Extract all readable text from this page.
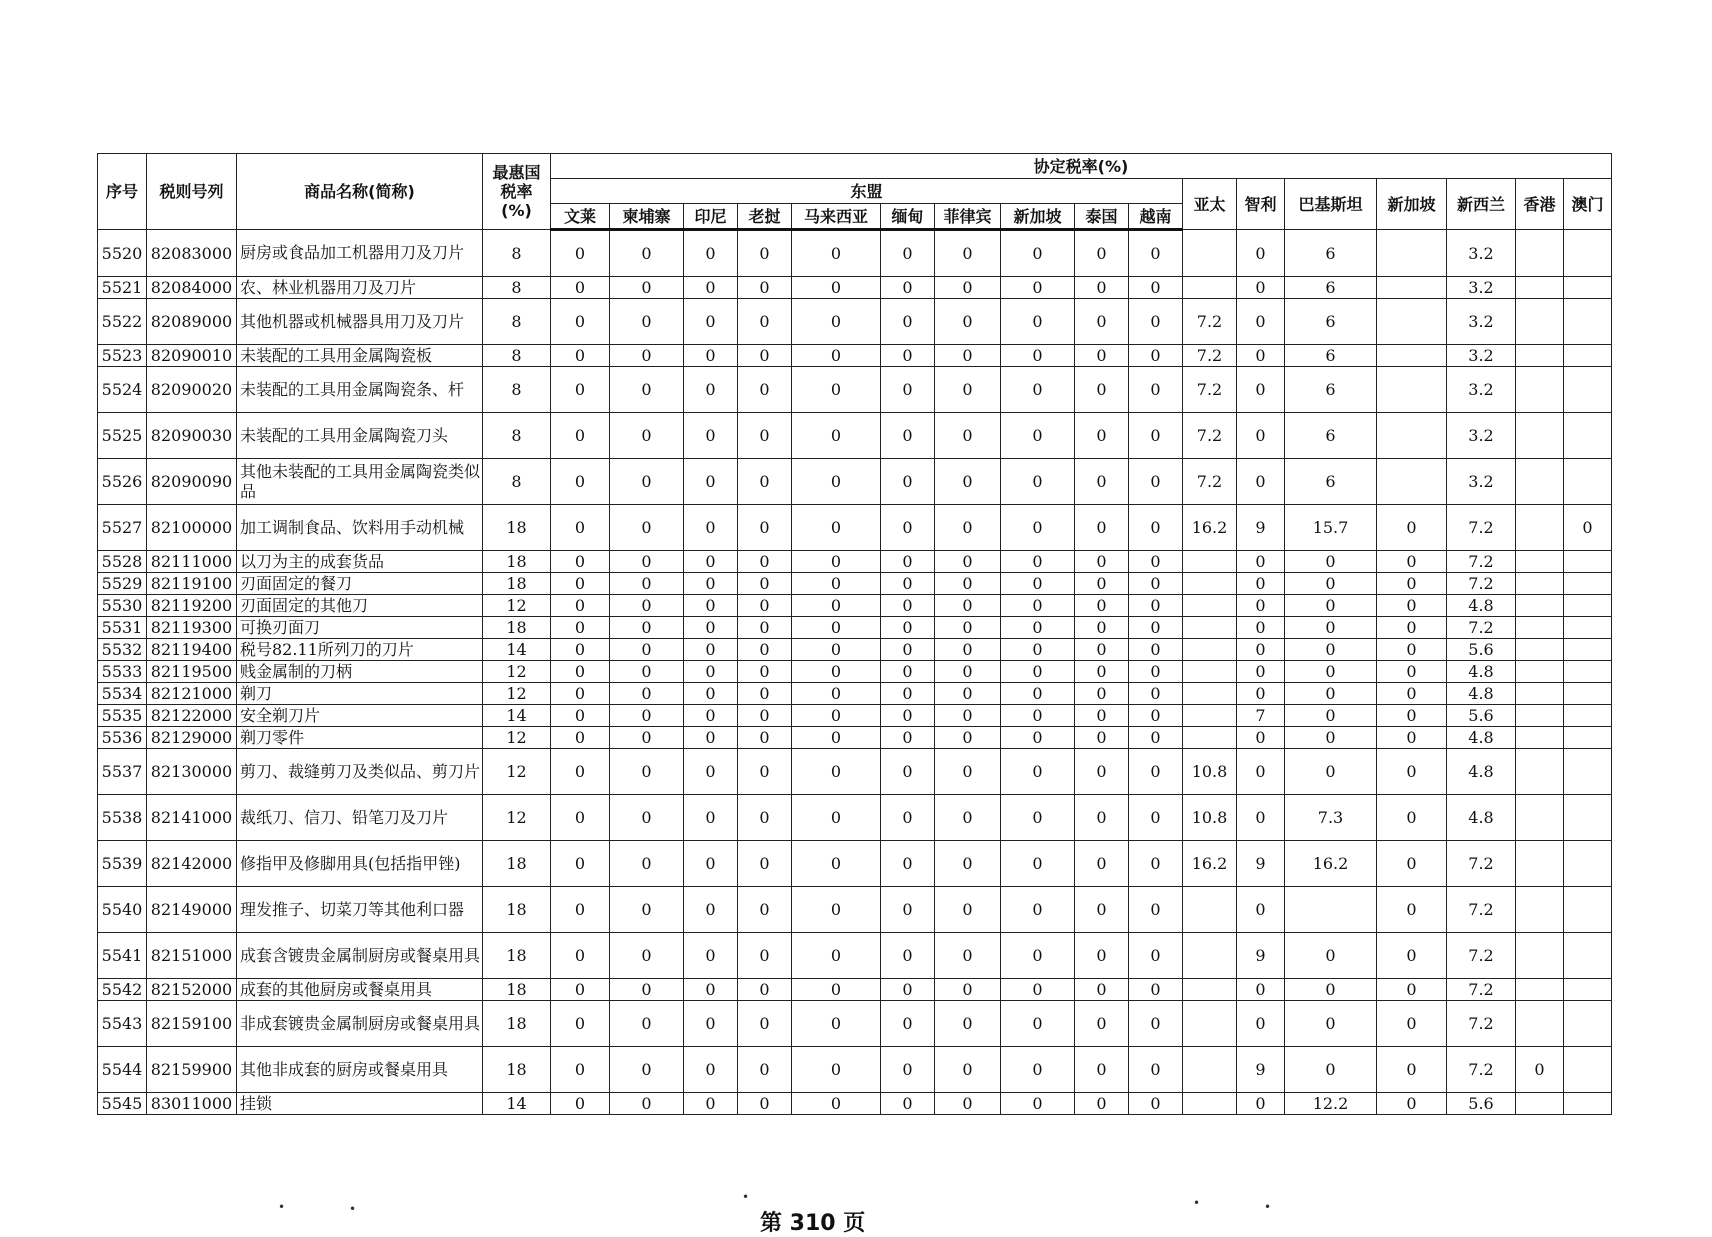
序号	税则号列	商品名称(简称)	最惠国
税率
(%)	协定税率(%)																
				东盟										亚太	智利	巴基斯坦	新加坡	新西兰	香港	澳门
				文莱	柬埔寨	印尼	老挝	马来西亚	缅甸	菲律宾	新加坡	泰国	越南							
5520	82083000	厨房或食品加工机器用刀及刀片	8	0	0	0	0	0	0	0	0	0	0		0	6		3.2		
5521	82084000	农、林业机器用刀及刀片	8	0	0	0	0	0	0	0	0	0	0		0	6		3.2		
5522	82089000	其他机器或机械器具用刀及刀片	8	0	0	0	0	0	0	0	0	0	0	7.2	0	6		3.2		
5523	82090010	未装配的工具用金属陶瓷板	8	0	0	0	0	0	0	0	0	0	0	7.2	0	6		3.2		
5524	82090020	未装配的工具用金属陶瓷条、杆	8	0	0	0	0	0	0	0	0	0	0	7.2	0	6		3.2		
5525	82090030	未装配的工具用金属陶瓷刀头	8	0	0	0	0	0	0	0	0	0	0	7.2	0	6		3.2		
5526	82090090	其他未装配的工具用金属陶瓷类似品	8	0	0	0	0	0	0	0	0	0	0	7.2	0	6		3.2		
5527	82100000	加工调制食品、饮料用手动机械	18	0	0	0	0	0	0	0	0	0	0	16.2	9	15.7	0	7.2		0
5528	82111000	以刀为主的成套货品	18	0	0	0	0	0	0	0	0	0	0		0	0	0	7.2		
5529	82119100	刃面固定的餐刀	18	0	0	0	0	0	0	0	0	0	0		0	0	0	7.2		
5530	82119200	刃面固定的其他刀	12	0	0	0	0	0	0	0	0	0	0		0	0	0	4.8		
5531	82119300	可换刃面刀	18	0	0	0	0	0	0	0	0	0	0		0	0	0	7.2		
5532	82119400	税号82.11所列刀的刀片	14	0	0	0	0	0	0	0	0	0	0		0	0	0	5.6		
5533	82119500	贱金属制的刀柄	12	0	0	0	0	0	0	0	0	0	0		0	0	0	4.8		
5534	82121000	剃刀	12	0	0	0	0	0	0	0	0	0	0		0	0	0	4.8		
5535	82122000	安全剃刀片	14	0	0	0	0	0	0	0	0	0	0		7	0	0	5.6		
5536	82129000	剃刀零件	12	0	0	0	0	0	0	0	0	0	0		0	0	0	4.8		
5537	82130000	剪刀、裁缝剪刀及类似品、剪刀片	12	0	0	0	0	0	0	0	0	0	0	10.8	0	0	0	4.8		
5538	82141000	裁纸刀、信刀、铅笔刀及刀片	12	0	0	0	0	0	0	0	0	0	0	10.8	0	7.3	0	4.8		
5539	82142000	修指甲及修脚用具(包括指甲锉)	18	0	0	0	0	0	0	0	0	0	0	16.2	9	16.2	0	7.2		
5540	82149000	理发推子、切菜刀等其他利口器	18	0	0	0	0	0	0	0	0	0	0		0		0	7.2		
5541	82151000	成套含镀贵金属制厨房或餐桌用具	18	0	0	0	0	0	0	0	0	0	0		9	0	0	7.2		
5542	82152000	成套的其他厨房或餐桌用具	18	0	0	0	0	0	0	0	0	0	0		0	0	0	7.2		
5543	82159100	非成套镀贵金属制厨房或餐桌用具	18	0	0	0	0	0	0	0	0	0	0		0	0	0	7.2		
5544	82159900	其他非成套的厨房或餐桌用具	18	0	0	0	0	0	0	0	0	0	0		9	0	0	7.2	0	
5545	83011000	挂锁	14	0	0	0	0	0	0	0	0	0	0		0	12.2	0	5.6		
•	•
•	•	•
第 310 页
